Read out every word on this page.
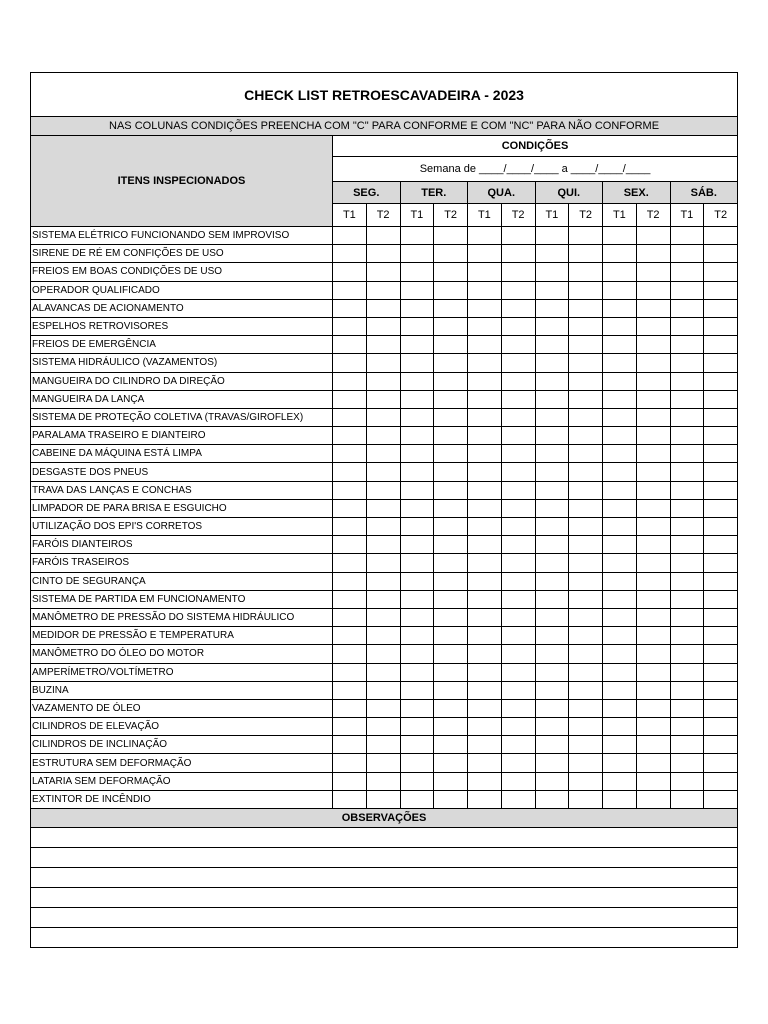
CHECK LIST RETROESCAVADEIRA - 2023												
NAS COLUNAS CONDIÇÕES PREENCHA COM "C" PARA CONFORME E COM "NC" PARA NÃO CONFORME												
ITENS INSPECIONADOS	CONDIÇÕES											
	Semana de ____/____/____ a ____/____/____											
	SEG.		TER.		QUA.		QUI.		SEX.		SÁB.	
	T1	T2	T1	T2	T1	T2	T1	T2	T1	T2	T1	T2
SISTEMA ELÉTRICO FUNCIONANDO SEM IMPROVISO												
SIRENE DE RÉ EM CONFIÇÕES DE USO												
FREIOS EM BOAS CONDIÇÕES DE USO												
OPERADOR QUALIFICADO												
ALAVANCAS DE ACIONAMENTO												
ESPELHOS RETROVISORES												
FREIOS DE EMERGÊNCIA												
SISTEMA HIDRÁULICO (VAZAMENTOS)												
MANGUEIRA DO CILINDRO DA DIREÇÃO												
MANGUEIRA DA LANÇA												
SISTEMA DE PROTEÇÃO COLETIVA (TRAVAS/GIROFLEX)												
PARALAMA TRASEIRO E DIANTEIRO												
CABEINE DA MÁQUINA ESTÁ LIMPA												
DESGASTE DOS PNEUS												
TRAVA DAS LANÇAS E CONCHAS												
LIMPADOR DE PARA BRISA E ESGUICHO												
UTILIZAÇÃO DOS EPI'S CORRETOS												
FARÓIS DIANTEIROS												
FARÓIS TRASEIROS												
CINTO DE SEGURANÇA												
SISTEMA DE PARTIDA EM FUNCIONAMENTO												
MANÔMETRO DE PRESSÃO DO SISTEMA HIDRÁULICO												
MEDIDOR DE PRESSÃO E TEMPERATURA												
MANÔMETRO DO ÓLEO DO MOTOR												
AMPERÍMETRO/VOLTÍMETRO												
BUZINA												
VAZAMENTO DE ÓLEO												
CILINDROS DE ELEVAÇÃO												
CILINDROS DE INCLINAÇÃO												
ESTRUTURA SEM DEFORMAÇÃO												
LATARIA SEM DEFORMAÇÃO												
EXTINTOR DE INCÊNDIO												
OBSERVAÇÕES												
